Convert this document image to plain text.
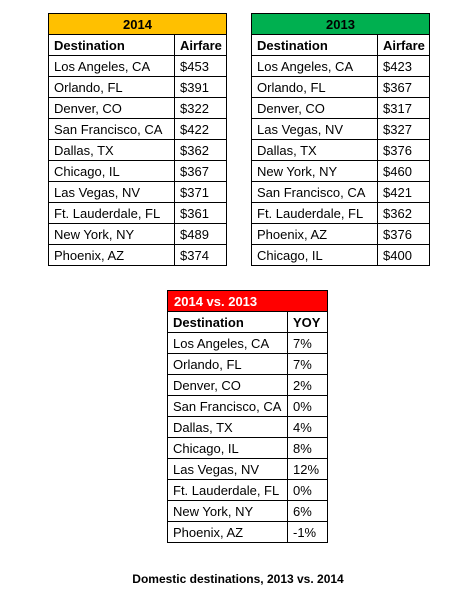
2014	
Destination	Airfare
Los Angeles, CA	$453
Orlando, FL	$391
Denver, CO	$322
San Francisco, CA	$422
Dallas, TX	$362
Chicago, IL	$367
Las Vegas, NV	$371
Ft. Lauderdale, FL	$361
New York, NY	$489
Phoenix, AZ	$374
2013	
Destination	Airfare
Los Angeles, CA	$423
Orlando, FL	$367
Denver, CO	$317
Las Vegas, NV	$327
Dallas, TX	$376
New York, NY	$460
San Francisco, CA	$421
Ft. Lauderdale, FL	$362
Phoenix, AZ	$376
Chicago, IL	$400
2014 vs. 2013	
Destination	YOY
Los Angeles, CA	7%
Orlando, FL	7%
Denver, CO	2%
San Francisco, CA	0%
Dallas, TX	4%
Chicago, IL	8%
Las Vegas, NV	12%
Ft. Lauderdale, FL	0%
New York, NY	6%
Phoenix, AZ	-1%
Domestic destinations, 2013 vs. 2014
